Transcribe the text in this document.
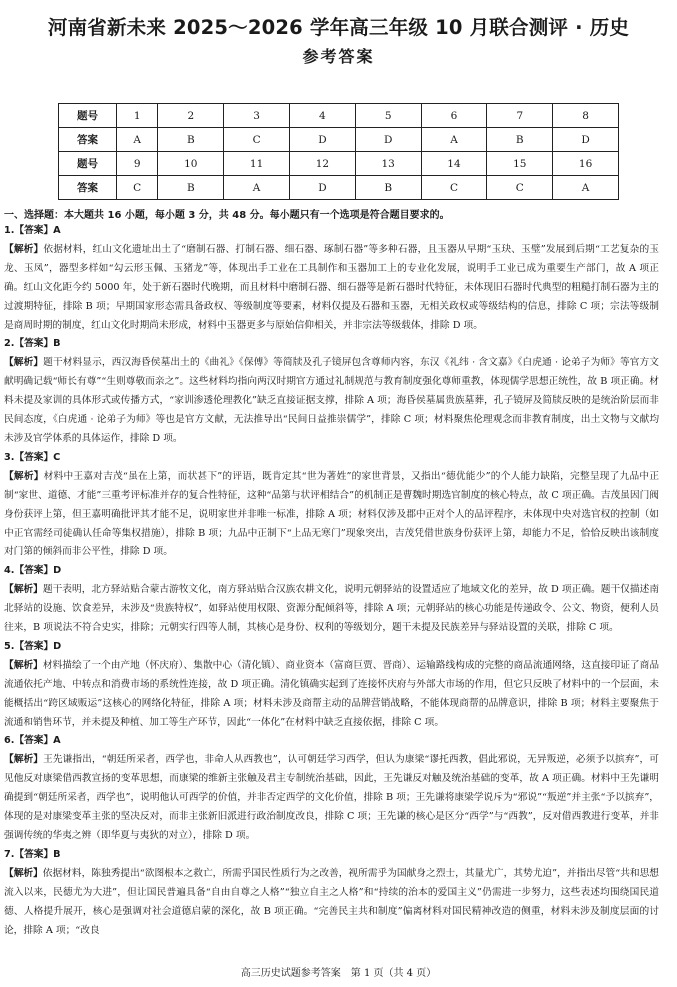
河南省新未来 2025～2026 学年高三年级 10 月联合测评 · 历史
参考答案
题号	1	2	3	4	5	6	7	8
答案	A	B	C	D	D	A	B	D
题号	9	10	11	12	13	14	15	16
答案	C	B	A	D	B	C	C	A
一、选择题：本大题共 16 小题，每小题 3 分，共 48 分。每小题只有一个选项是符合题目要求的。
1.【答案】A
【解析】依据材料，红山文化遗址出土了“磨制石器、打制石器、细石器、琢制石器”等多种石器，且玉器从早期“玉玦、玉璧”发展到后期“工艺复杂的玉龙、玉凤”，器型多样如“勾云形玉佩、玉猪龙”等，体现出手工业在工具制作和玉器加工上的专业化发展，说明手工业已成为重要生产部门，故 A 项正确。红山文化距今约 5000 年，处于新石器时代晚期，而且材料中磨制石器、细石器等是新石器时代特征，未体现旧石器时代典型的粗糙打制石器为主的过渡期特征，排除 B 项；早期国家形态需具备政权、等级制度等要素，材料仅提及石器和玉器，无相关政权或等级结构的信息，排除 C 项；宗法等级制是商周时期的制度，红山文化时期尚未形成，材料中玉器更多与原始信仰相关，并非宗法等级载体，排除 D 项。
2.【答案】B
【解析】题干材料显示，西汉海昏侯墓出土的《曲礼》《保傅》等简牍及孔子镜屏包含尊师内容，东汉《礼纬 · 含文嘉》《白虎通 · 论弟子为师》等官方文献明确记载“师长有尊”“生则尊敬而亲之”。这些材料均指向两汉时期官方通过礼制规范与教育制度强化尊师重教，体现儒学思想正统性，故 B 项正确。材料未提及家训的具体形式或传播方式，“家训渗透伦理教化”缺乏直接证据支撑，排除 A 项；海昏侯墓属贵族墓葬，孔子镜屏及简牍反映的是统治阶层而非民间态度，《白虎通 · 论弟子为师》等也是官方文献，无法推导出“民间日益推崇儒学”，排除 C 项；材料聚焦伦理观念而非教育制度，出土文物与文献均未涉及官学体系的具体运作，排除 D 项。
3.【答案】C
【解析】材料中王嘉对吉茂“虽在上第，而状甚下”的评语，既肯定其“世为著姓”的家世背景，又指出“德优能少”的个人能力缺陷，完整呈现了九品中正制“家世、道德、才能”三重考评标准并存的复合性特征，这种“品第与状评相结合”的机制正是曹魏时期选官制度的核心特点，故 C 项正确。吉茂虽因门阀身份获评上第，但王嘉明确批评其才能不足，说明家世并非唯一标准，排除 A 项；材料仅涉及郡中正对个人的品评程序，未体现中央对选官权的控制（如中正官需经司徒确认任命等集权措施），排除 B 项；九品中正制下“上品无寒门”现象突出，吉茂凭借世族身份获评上第，却能力不足，恰恰反映出该制度对门第的倾斜而非公平性，排除 D 项。
4.【答案】D
【解析】题干表明，北方驿站贴合蒙古游牧文化，南方驿站贴合汉族农耕文化，说明元朝驿站的设置适应了地域文化的差异，故 D 项正确。题干仅描述南北驿站的设施、饮食差异，未涉及“贵族特权”，如驿站使用权限、资源分配倾斜等，排除 A 项；元朝驿站的核心功能是传递政令、公文、物资，便利人员往来，B 项说法不符合史实，排除；元朝实行四等人制，其核心是身份、权利的等级划分，题干未提及民族差异与驿站设置的关联，排除 C 项。
5.【答案】D
【解析】材料描绘了一个由产地（怀庆府）、集散中心（清化镇）、商业资本（富商巨贾、晋商）、运输路线构成的完整的商品流通网络，这直接印证了商品流通依托产地、中转点和消费市场的系统性连接，故 D 项正确。清化镇确实起到了连接怀庆府与外部大市场的作用，但它只反映了材料中的一个层面，未能概括出“跨区域贩运”这核心的网络化特征，排除 A 项；材料未涉及商帮主动的品牌营销战略，不能体现商帮的品牌意识，排除 B 项；材料主要聚焦于流通和销售环节，并未提及种植、加工等生产环节，因此“一体化”在材料中缺乏直接依据，排除 C 项。
6.【答案】A
【解析】王先谦指出，“朝廷所采者，西学也，非命人从西教也”，认可朝廷学习西学，但认为康梁“谬托西教，倡此邪说，无异叛逆，必须予以摈弃”，可见他反对康梁借西教宣扬的变革思想，而康梁的维新主张触及君主专制统治基础，因此，王先谦反对触及统治基础的变革，故 A 项正确。材料中王先谦明确提到“朝廷所采者，西学也”，说明他认可西学的价值，并非否定西学的文化价值，排除 B 项；王先谦将康梁学说斥为“邪说”“叛逆”并主张“予以摈弃”，体现的是对康梁变革主张的坚决反对，而非主张新旧派进行政治制度改良，排除 C 项；王先谦的核心是区分“西学”与“西教”，反对借西教进行变革，并非强调传统的华夷之辨（即华夏与夷狄的对立），排除 D 项。
7.【答案】B
【解析】依据材料，陈独秀提出“欲图根本之救亡，所需乎国民性质行为之改善，视所需乎为国献身之烈士，其量尤广，其势尤迫”，并指出尽管“共和思想流入以来，民德尤为大进”，但让国民普遍具备“自由自尊之人格”“独立自主之人格”和“持续的治本的爱国主义”仍需进一步努力，这些表述均围绕国民道德、人格提升展开，核心是强调对社会道德启蒙的深化，故 B 项正确。“完善民主共和制度”偏离材料对国民精神改造的侧重，材料未涉及制度层面的讨论，排除 A 项；“改良
高三历史试题参考答案　第 1 页（共 4 页）
